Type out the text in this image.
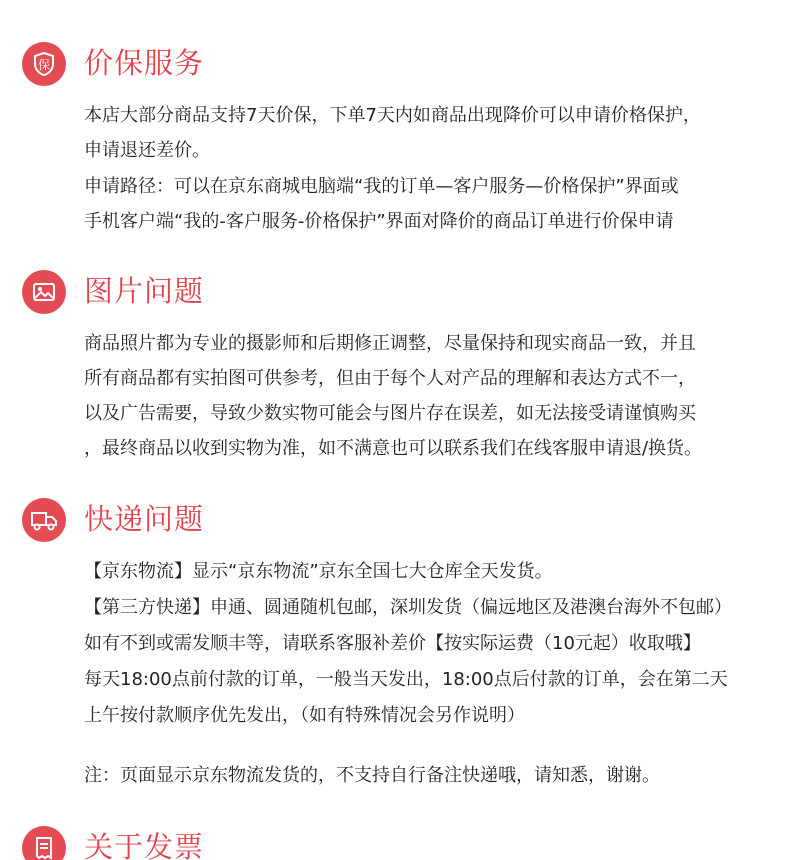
保 价保服务
本店大部分商品支持7天价保，下单7天内如商品出现降价可以申请价格保护，
申请退还差价。
申请路径：可以在京东商城电脑端“我的订单—客户服务—价格保护”界面或
手机客户端“我的-客户服务-价格保护”界面对降价的商品订单进行价保申请
图片问题
商品照片都为专业的摄影师和后期修正调整，尽量保持和现实商品一致，并且
所有商品都有实拍图可供参考，但由于每个人对产品的理解和表达方式不一，
以及广告需要，导致少数实物可能会与图片存在误差，如无法接受请谨慎购买
，最终商品以收到实物为准，如不满意也可以联系我们在线客服申请退/换货。
快递问题
【京东物流】显示“京东物流”京东全国七大仓库全天发货。
【第三方快递】申通、圆通随机包邮，深圳发货（偏远地区及港澳台海外不包邮）
如有不到或需发顺丰等，请联系客服补差价【按实际运费（10元起）收取哦】
每天18:00点前付款的订单，一般当天发出，18:00点后付款的订单，会在第二天
上午按付款顺序优先发出，（如有特殊情况会另作说明）
注：页面显示京东物流发货的，不支持自行备注快递哦，请知悉，谢谢。
关于发票
